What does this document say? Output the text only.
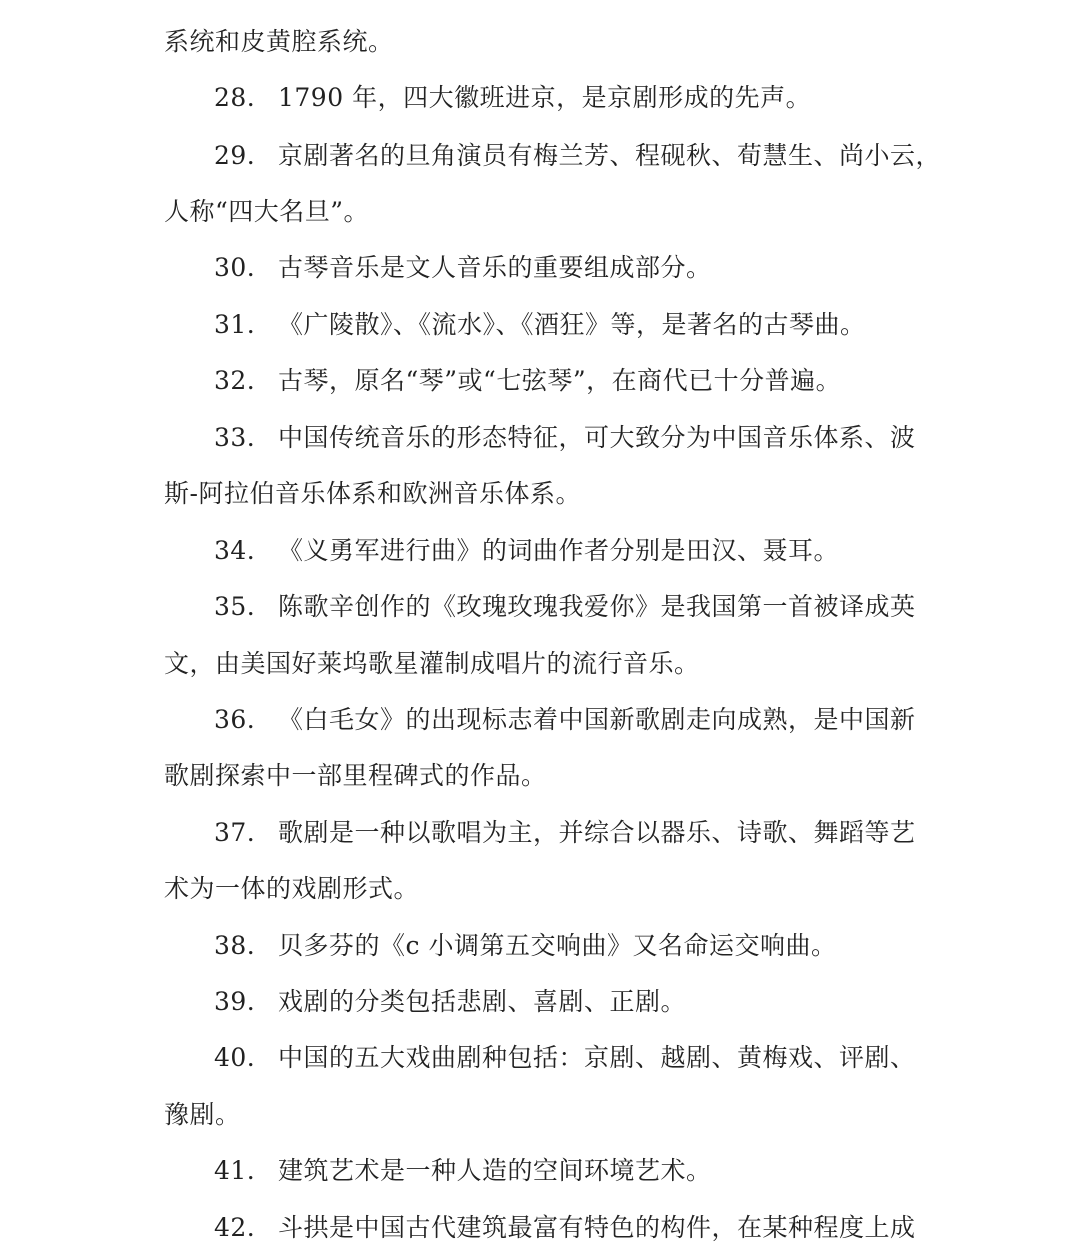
系统和皮黄腔系统。
28. 1790 年，四大徽班进京，是京剧形成的先声。
29. 京剧著名的旦角演员有梅兰芳、程砚秋、荀慧生、尚小云，
人称“四大名旦”。
30. 古琴音乐是文人音乐的重要组成部分。
31. 《广陵散》、《流水》、《酒狂》等，是著名的古琴曲。
32. 古琴，原名“琴”或“七弦琴”，在商代已十分普遍。
33. 中国传统音乐的形态特征，可大致分为中国音乐体系、波
斯-阿拉伯音乐体系和欧洲音乐体系。
34. 《义勇军进行曲》的词曲作者分别是田汉、聂耳。
35. 陈歌辛创作的《玫瑰玫瑰我爱你》是我国第一首被译成英
文，由美国好莱坞歌星灌制成唱片的流行音乐。
36. 《白毛女》的出现标志着中国新歌剧走向成熟，是中国新
歌剧探索中一部里程碑式的作品。
37. 歌剧是一种以歌唱为主，并综合以器乐、诗歌、舞蹈等艺
术为一体的戏剧形式。
38. 贝多芬的《c 小调第五交响曲》又名命运交响曲。
39. 戏剧的分类包括悲剧、喜剧、正剧。
40. 中国的五大戏曲剧种包括：京剧、越剧、黄梅戏、评剧、
豫剧。
41. 建筑艺术是一种人造的空间环境艺术。
42. 斗拱是中国古代建筑最富有特色的构件，在某种程度上成
